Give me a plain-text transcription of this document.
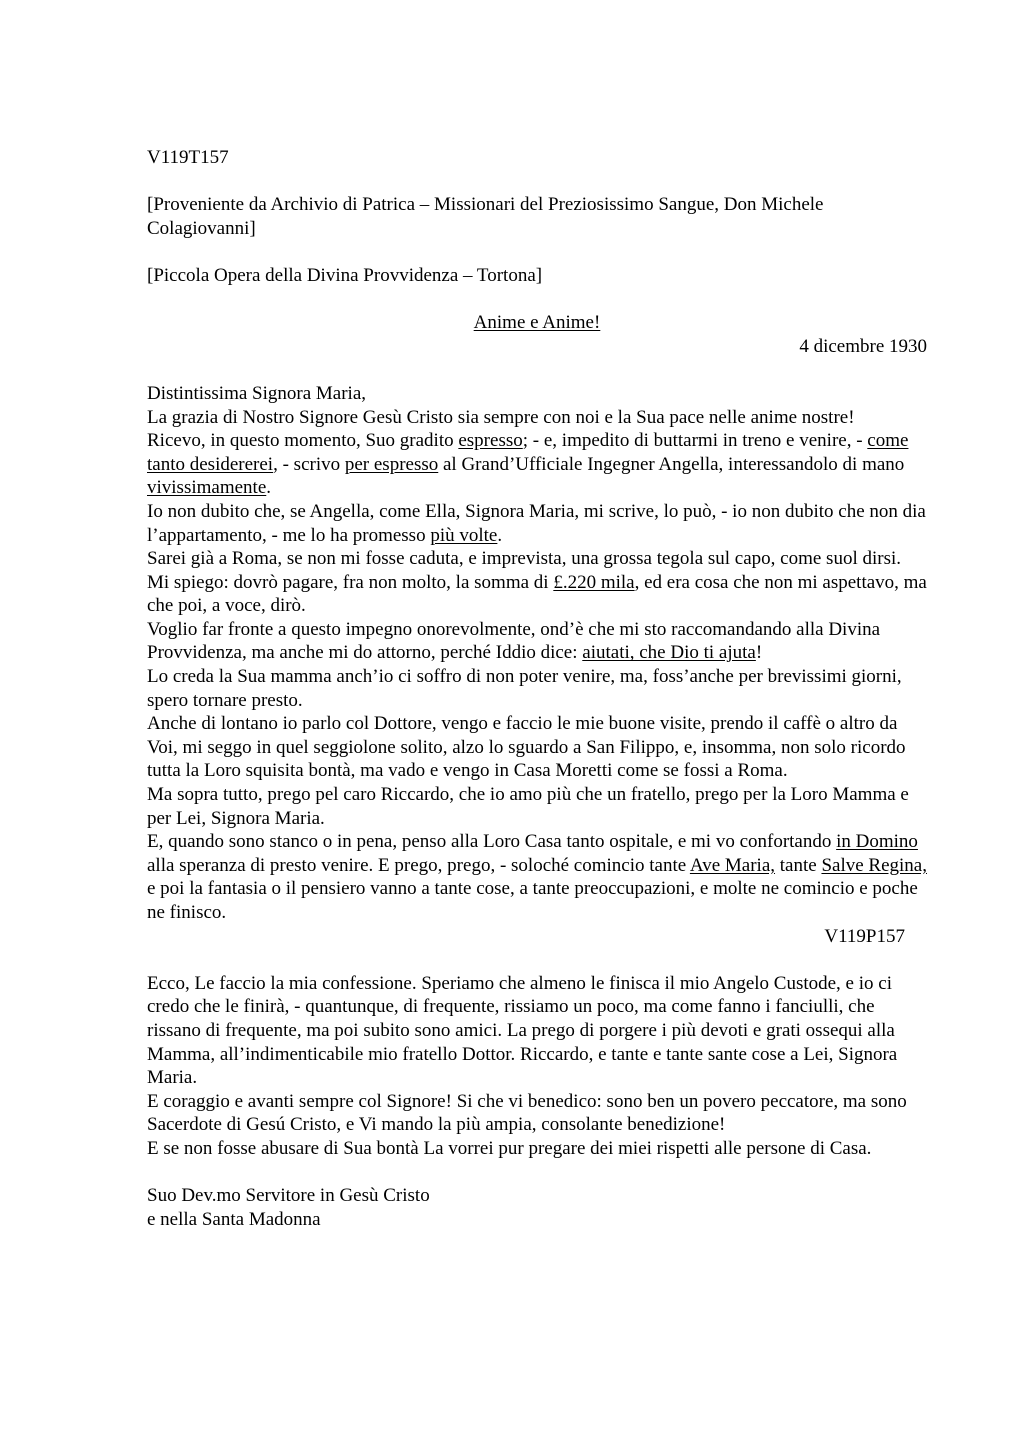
V119T157

[Proveniente da Archivio di Patrica – Missionari del Preziosissimo Sangue, Don Michele Colagiovanni]

[Piccola Opera della Divina Provvidenza – Tortona]

Anime e Anime!

4 dicembre 1930

Distintissima Signora Maria,

La grazia di Nostro Signore Gesù Cristo sia sempre con noi e la Sua pace nelle anime nostre!

Ricevo, in questo momento, Suo gradito espresso; - e, impedito di buttarmi in treno e venire, - come tanto desidererei, - scrivo per espresso al Grand’Ufficiale Ingegner Angella, interessandolo di mano vivissimamente.

Io non dubito che, se Angella, come Ella, Signora Maria, mi scrive, lo può, - io non dubito che non dia l’appartamento, - me lo ha promesso più volte.

Sarei già a Roma, se non mi fosse caduta, e imprevista, una grossa tegola sul capo, come suol dirsi. Mi spiego: dovrò pagare, fra non molto, la somma di £.220 mila, ed era cosa che non mi aspettavo, ma che poi, a voce, dirò.

Voglio far fronte a questo impegno onorevolmente, ond’è che mi sto raccomandando alla Divina Provvidenza, ma anche mi do attorno, perché Iddio dice: aiutati, che Dio ti ajuta!

Lo creda la Sua mamma anch’io ci soffro di non poter venire, ma, foss’anche per brevissimi giorni, spero tornare presto.

Anche di lontano io parlo col Dottore, vengo e faccio le mie buone visite, prendo il caffè o altro da Voi, mi seggo in quel seggiolone solito, alzo lo sguardo a San Filippo, e, insomma, non solo ricordo tutta la Loro squisita bontà, ma vado e vengo in Casa Moretti come se fossi a Roma.

Ma sopra tutto, prego pel caro Riccardo, che io amo più che un fratello, prego per la Loro Mamma e per Lei, Signora Maria.

E, quando sono stanco o in pena, penso alla Loro Casa tanto ospitale, e mi vo confortando in Domino alla speranza di presto venire. E prego, prego, - soloché comincio tante Ave Maria, tante Salve Regina, e poi la fantasia o il pensiero vanno a tante cose, a tante preoccupazioni, e molte ne comincio e poche ne finisco.

V119P157

Ecco, Le faccio la mia confessione. Speriamo che almeno le finisca il mio Angelo Custode, e io ci credo che le finirà, - quantunque, di frequente, rissiamo un poco, ma come fanno i fanciulli, che rissano di frequente, ma poi subito sono amici. La prego di porgere i più devoti e grati ossequi alla Mamma, all’indimenticabile mio fratello Dottor. Riccardo, e tante e tante sante cose a Lei, Signora Maria.

E coraggio e avanti sempre col Signore! Si che vi benedico: sono ben un povero peccatore, ma sono Sacerdote di Gesú Cristo, e Vi mando la più ampia, consolante benedizione!

E se non fosse abusare di Sua bontà La vorrei pur pregare dei miei rispetti alle persone di Casa.

Suo Dev.mo Servitore in Gesù Cristo

e nella Santa Madonna
